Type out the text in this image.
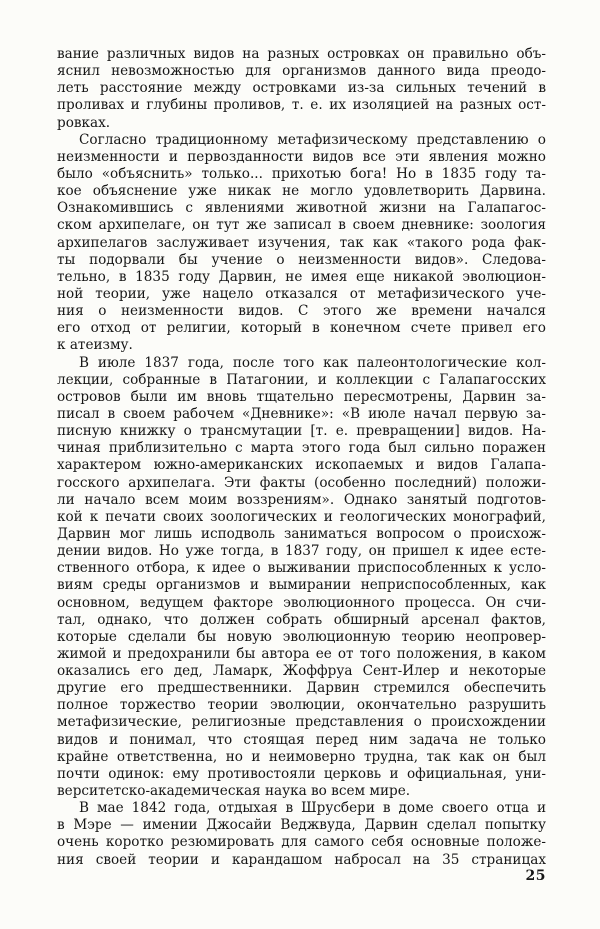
вание различных видов на разных островках он правильно объ-
яснил невозможностью для организмов данного вида преодо-
леть расстояние между островками из-за сильных течений в
проливах и глубины проливов, т. е. их изоляцией на разных ост-
ровках.
Согласно традиционному метафизическому представлению о
неизменности и первозданности видов все эти явления можно
было «объяснить» только... прихотью бога! Но в 1835 году та-
кое объяснение уже никак не могло удовлетворить Дарвина.
Ознакомившись с явлениями животной жизни на Галапагос-
ском архипелаге, он тут же записал в своем дневнике: зоология
архипелагов заслуживает изучения, так как «такого рода фак-
ты подорвали бы учение о неизменности видов». Следова-
тельно, в 1835 году Дарвин, не имея еще никакой эволюцион-
ной теории, уже нацело отказался от метафизического уче-
ния о неизменности видов. С этого же времени начался
его отход от религии, который в конечном счете привел его
к атеизму.
В июле 1837 года, после того как палеонтологические кол-
лекции, собранные в Патагонии, и коллекции с Галапагосских
островов были им вновь тщательно пересмотрены, Дарвин за-
писал в своем рабочем «Дневнике»: «В июле начал первую за-
писную книжку о трансмутации [т. е. превращении] видов. На-
чиная приблизительно с марта этого года был сильно поражен
характером южно-американских ископаемых и видов Галапа-
госского архипелага. Эти факты (особенно последний) положи-
ли начало всем моим воззрениям». Однако занятый подготов-
кой к печати своих зоологических и геологических монографий,
Дарвин мог лишь исподволь заниматься вопросом о происхож-
дении видов. Но уже тогда, в 1837 году, он пришел к идее есте-
ственного отбора, к идее о выживании приспособленных к усло-
виям среды организмов и вымирании неприспособленных, как
основном, ведущем факторе эволюционного процесса. Он счи-
тал, однако, что должен собрать обширный арсенал фактов,
которые сделали бы новую эволюционную теорию неопровер-
жимой и предохранили бы автора ее от того положения, в каком
оказались его дед, Ламарк, Жоффруа Сент-Илер и некоторые
другие его предшественники. Дарвин стремился обеспечить
полное торжество теории эволюции, окончательно разрушить
метафизические, религиозные представления о происхождении
видов и понимал, что стоящая перед ним задача не только
крайне ответственна, но и неимоверно трудна, так как он был
почти одинок: ему противостояли церковь и официальная, уни-
верситетско-академическая наука во всем мире.
В мае 1842 года, отдыхая в Шрусбери в доме своего отца и
в Мэре — имении Джосайи Веджвуда, Дарвин сделал попытку
очень коротко резюмировать для самого себя основные положе-
ния своей теории и карандашом набросал на 35 страницах
25
